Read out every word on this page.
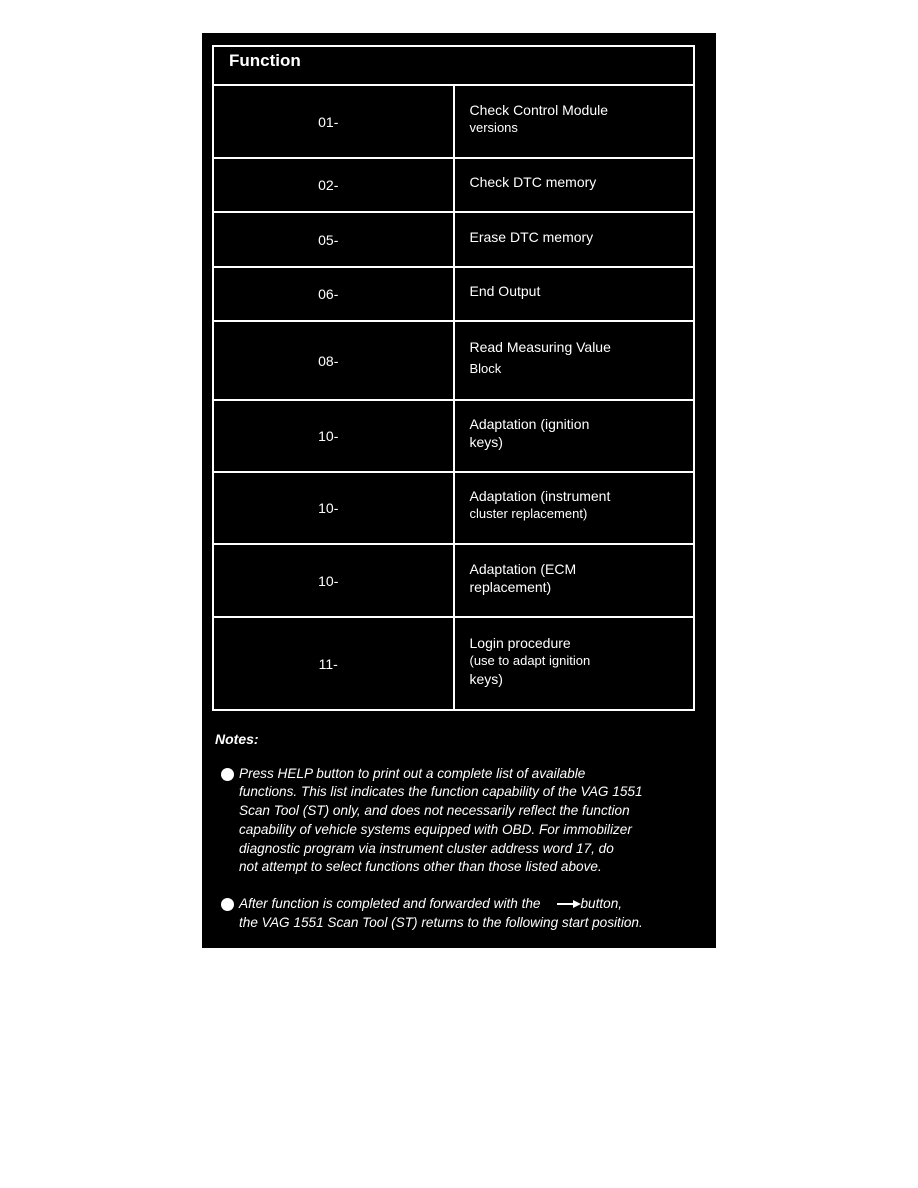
Function	
01-	Check Control Module
versions

02-	Check DTC memory

05-	Erase DTC memory

06-	End Output

08-	Read Measuring Value
Block

10-	Adaptation (ignition
keys)

10-	Adaptation (instrument
cluster replacement)

10-	Adaptation (ECM
replacement)

11-	Login procedure
(use to adapt ignition
keys)
Notes:
Press HELP button to print out a complete list of available
functions. This list indicates the function capability of the VAG 1551
Scan Tool (ST) only, and does not necessarily reflect the function
capability of vehicle systems equipped with OBD. For immobilizer
diagnostic program via instrument cluster address word 17, do
not attempt to select functions other than those listed above.
After function is completed and forwarded with the	button,
the VAG 1551 Scan Tool (ST) returns to the following start position.
